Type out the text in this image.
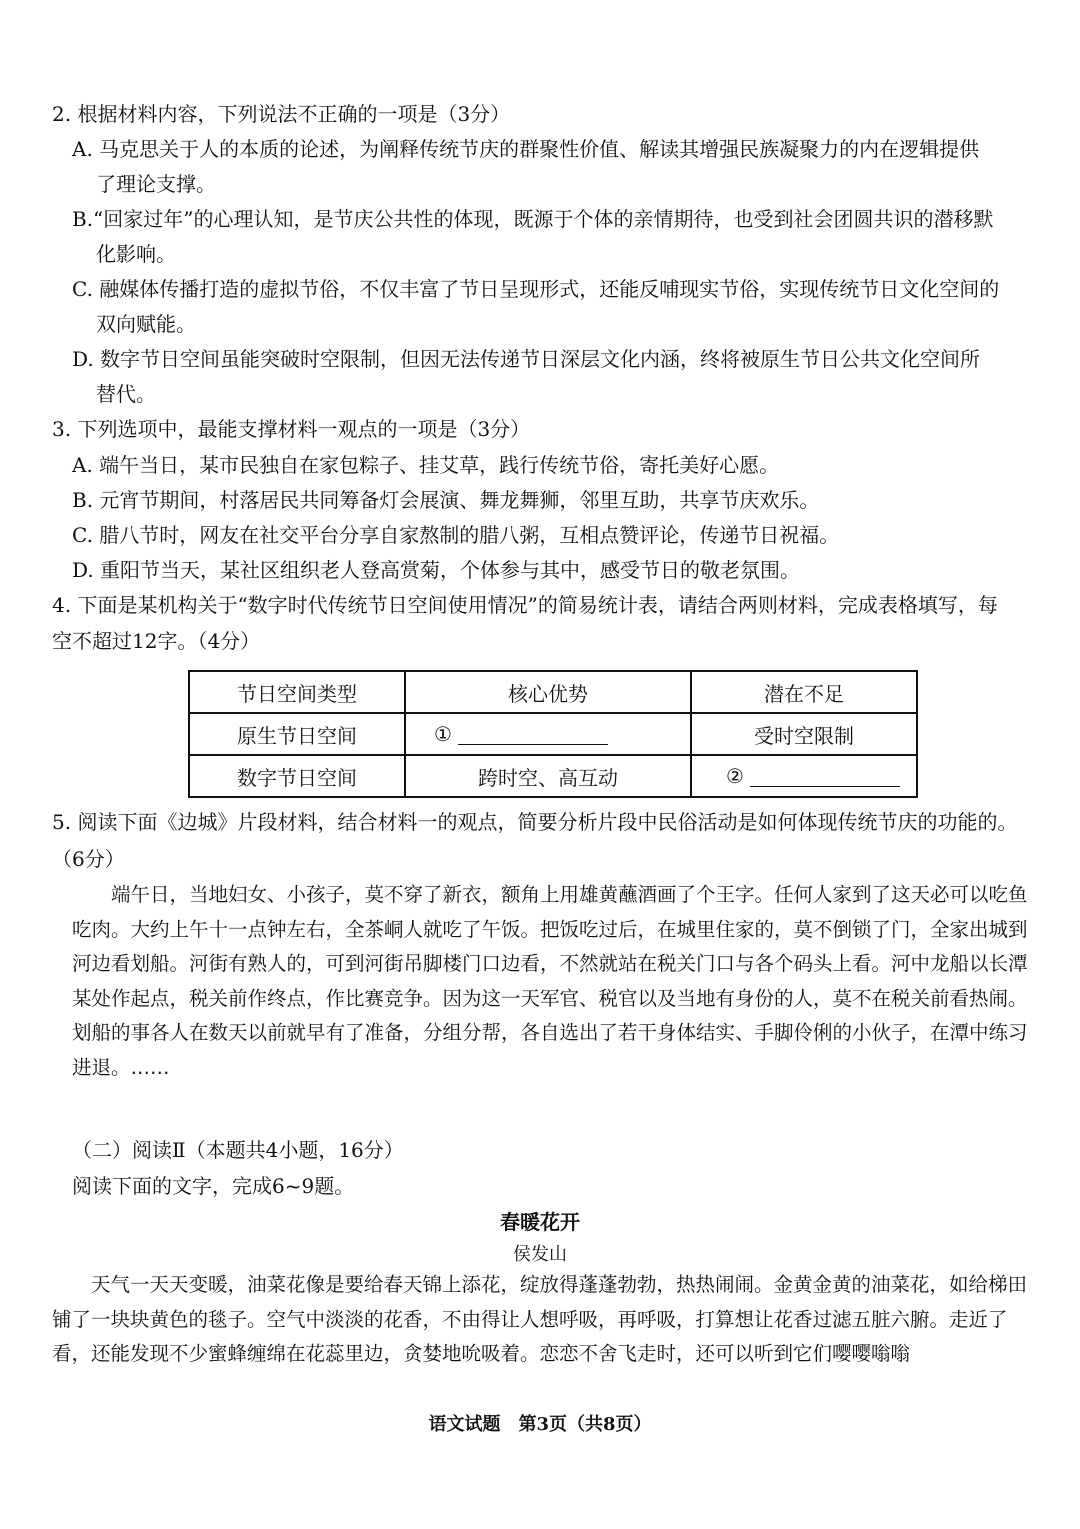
2. 根据材料内容，下列说法不正确的一项是（3分）
A. 马克思关于人的本质的论述，为阐释传统节庆的群聚性价值、解读其增强民族凝聚力的内在逻辑提供
了理论支撑。
B.“回家过年”的心理认知，是节庆公共性的体现，既源于个体的亲情期待，也受到社会团圆共识的潜移默
化影响。
C. 融媒体传播打造的虚拟节俗，不仅丰富了节日呈现形式，还能反哺现实节俗，实现传统节日文化空间的
双向赋能。
D. 数字节日空间虽能突破时空限制，但因无法传递节日深层文化内涵，终将被原生节日公共文化空间所
替代。
3. 下列选项中，最能支撑材料一观点的一项是（3分）
A. 端午当日，某市民独自在家包粽子、挂艾草，践行传统节俗，寄托美好心愿。
B. 元宵节期间，村落居民共同筹备灯会展演、舞龙舞狮，邻里互助，共享节庆欢乐。
C. 腊八节时，网友在社交平台分享自家熬制的腊八粥，互相点赞评论，传递节日祝福。
D. 重阳节当天，某社区组织老人登高赏菊，个体参与其中，感受节日的敬老氛围。
4. 下面是某机构关于“数字时代传统节日空间使用情况”的简易统计表，请结合两则材料，完成表格填写，每
空不超过12字。（4分）
节日空间类型	核心优势	潜在不足
原生节日空间	①	受时空限制
数字节日空间	跨时空、高互动	②
5. 阅读下面《边城》片段材料，结合材料一的观点，简要分析片段中民俗活动是如何体现传统节庆的功能的。
（6分）
端午日，当地妇女、小孩子，莫不穿了新衣，额角上用雄黄蘸酒画了个王字。任何人家到了这天必可以吃鱼吃肉。大约上午十一点钟左右，全茶峒人就吃了午饭。把饭吃过后，在城里住家的，莫不倒锁了门，全家出城到河边看划船。河街有熟人的，可到河街吊脚楼门口边看，不然就站在税关门口与各个码头上看。河中龙船以长潭某处作起点，税关前作终点，作比赛竞争。因为这一天军官、税官以及当地有身份的人，莫不在税关前看热闹。划船的事各人在数天以前就早有了准备，分组分帮，各自选出了若干身体结实、手脚伶俐的小伙子，在潭中练习进退。……
（二）阅读Ⅱ（本题共4小题，16分）
阅读下面的文字，完成6~9题。
春暖花开
侯发山
天气一天天变暖，油菜花像是要给春天锦上添花，绽放得蓬蓬勃勃，热热闹闹。金黄金黄的油菜花，如给梯田铺了一块块黄色的毯子。空气中淡淡的花香，不由得让人想呼吸，再呼吸，打算想让花香过滤五脏六腑。走近了看，还能发现不少蜜蜂缠绵在花蕊里边，贪婪地吮吸着。恋恋不舍飞走时，还可以听到它们嘤嘤嗡嗡
语文试题　第3页（共8页）
